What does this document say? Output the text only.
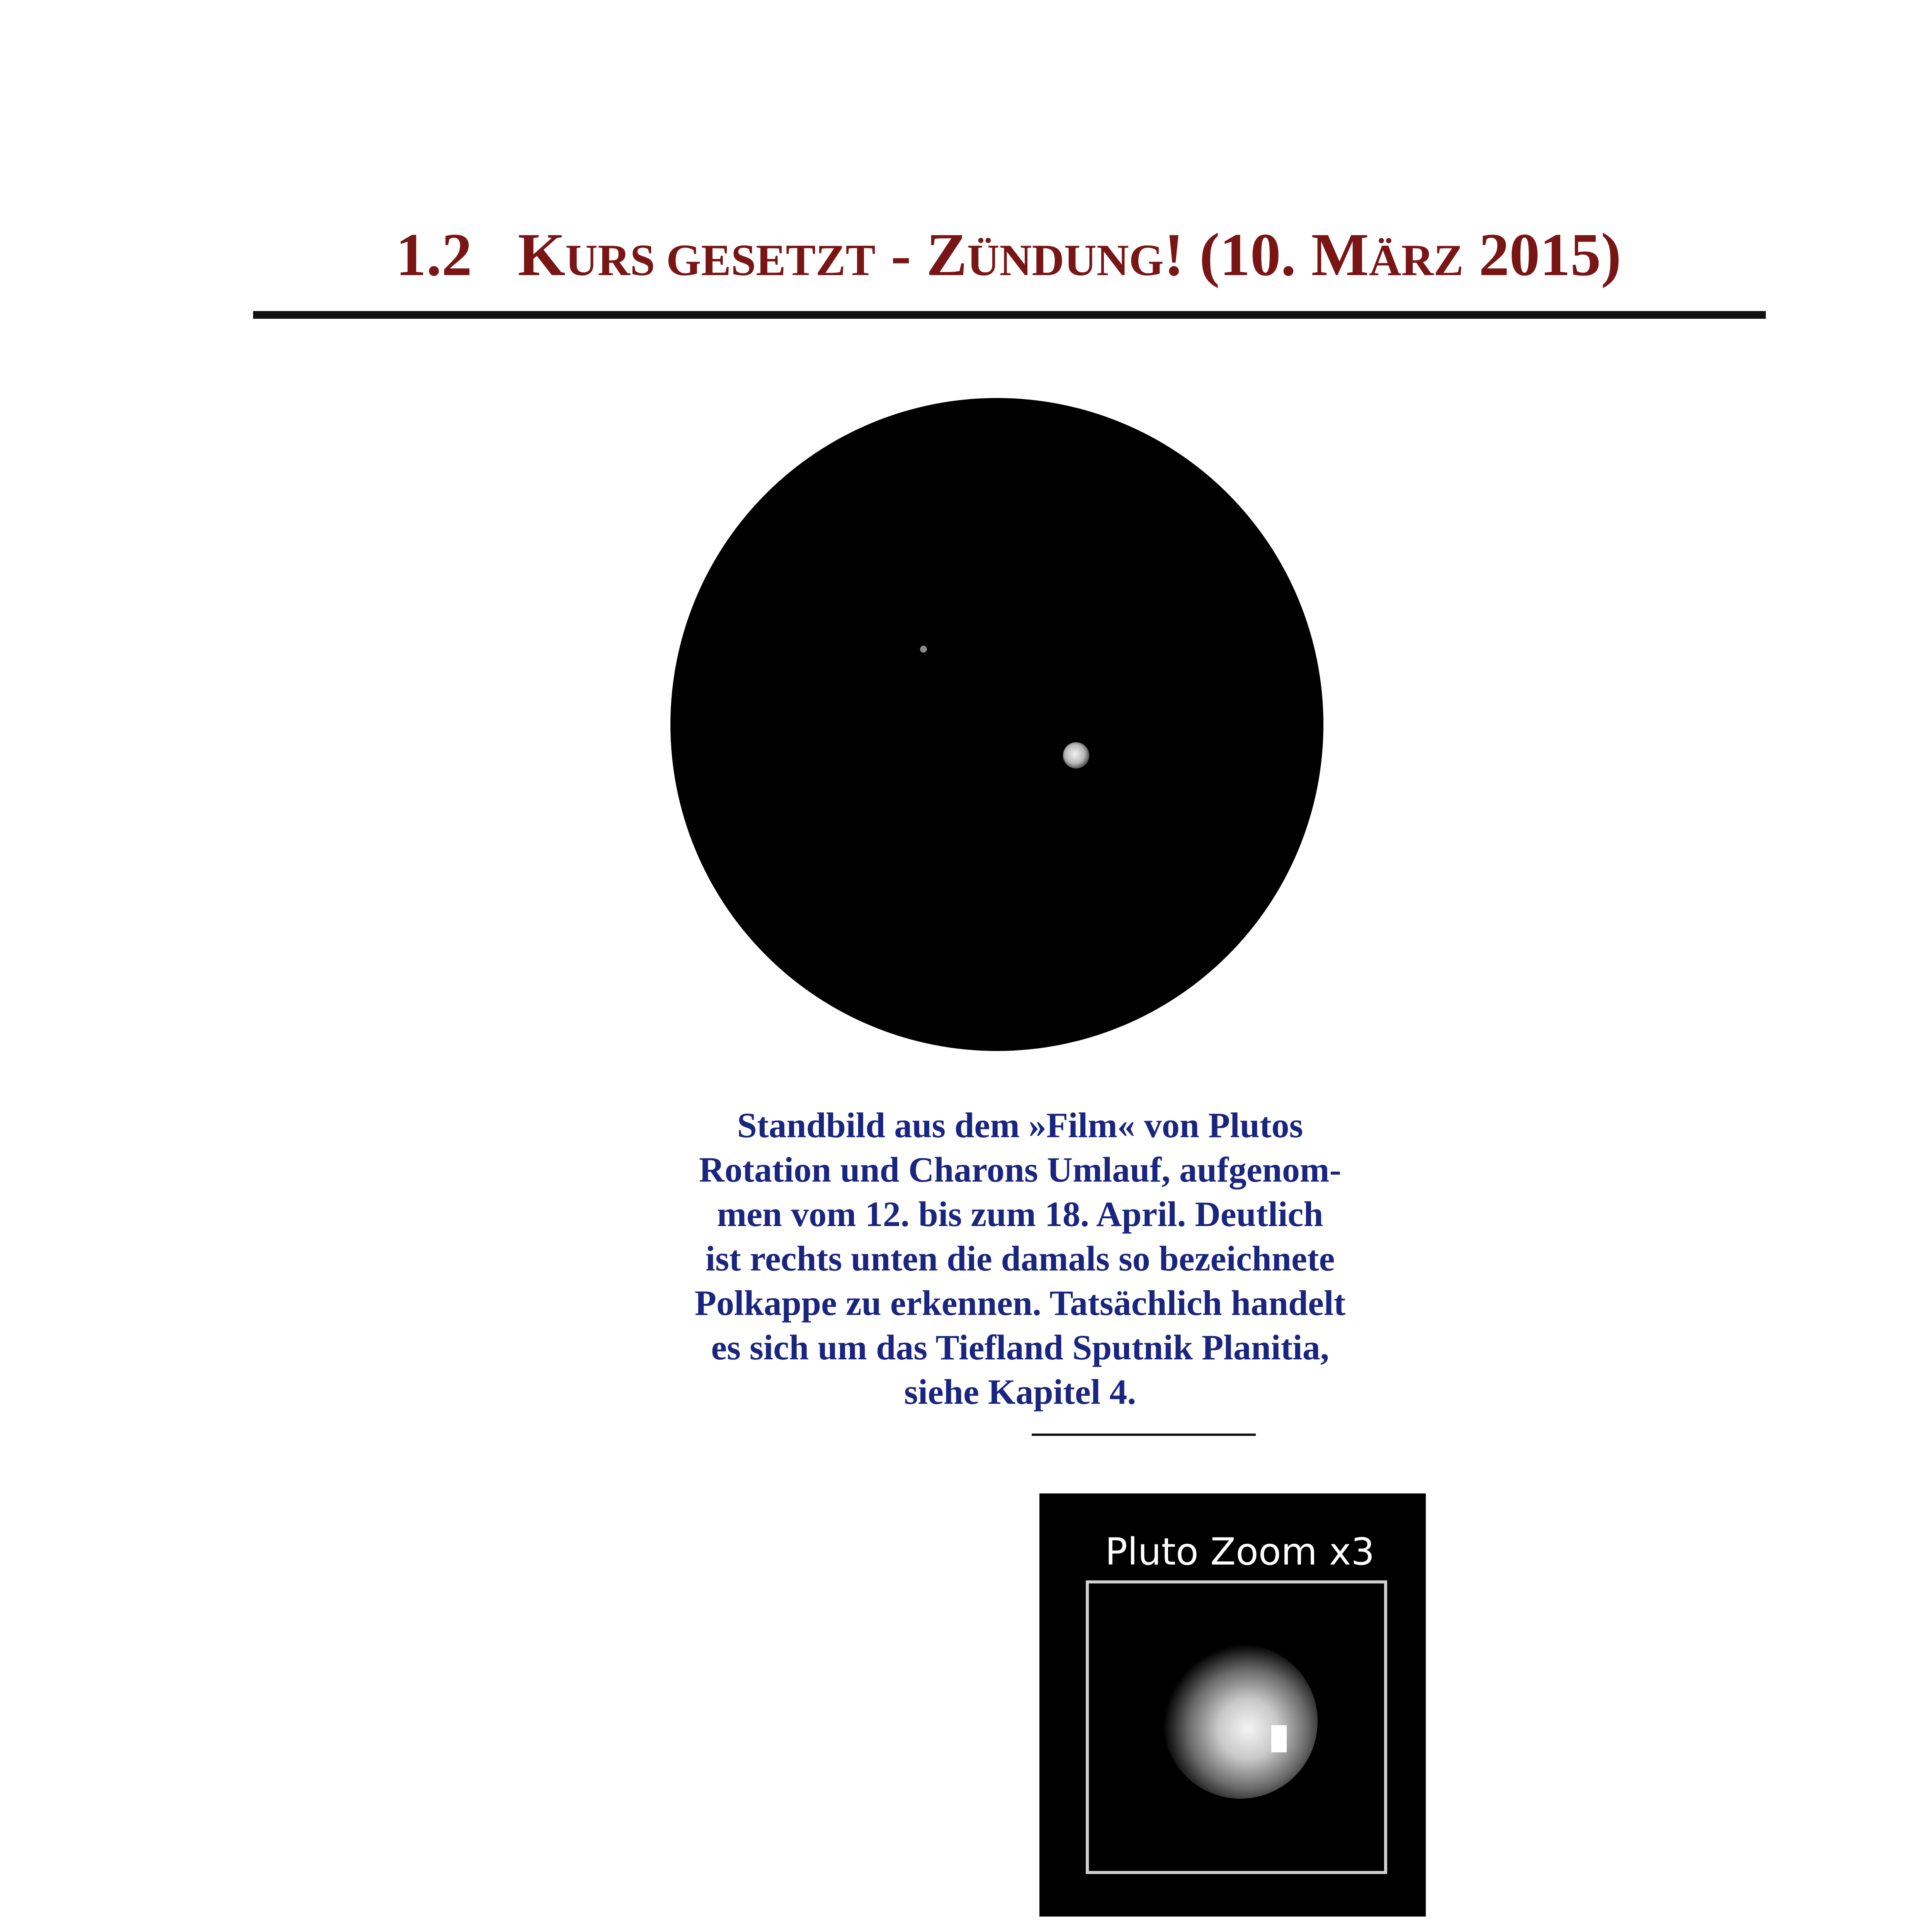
1.2 KURS GESETZT - ZÜNDUNG! (10. MÄRZ 2015)
Standbild aus dem »Film« von Plutos
Rotation und Charons Umlauf, aufgenom-
men vom 12. bis zum 18. April. Deutlich
ist rechts unten die damals so bezeichnete
Polkappe zu erkennen. Tatsächlich handelt
es sich um das Tiefland Sputnik Planitia,
siehe Kapitel 4.
Pluto Zoom x3
